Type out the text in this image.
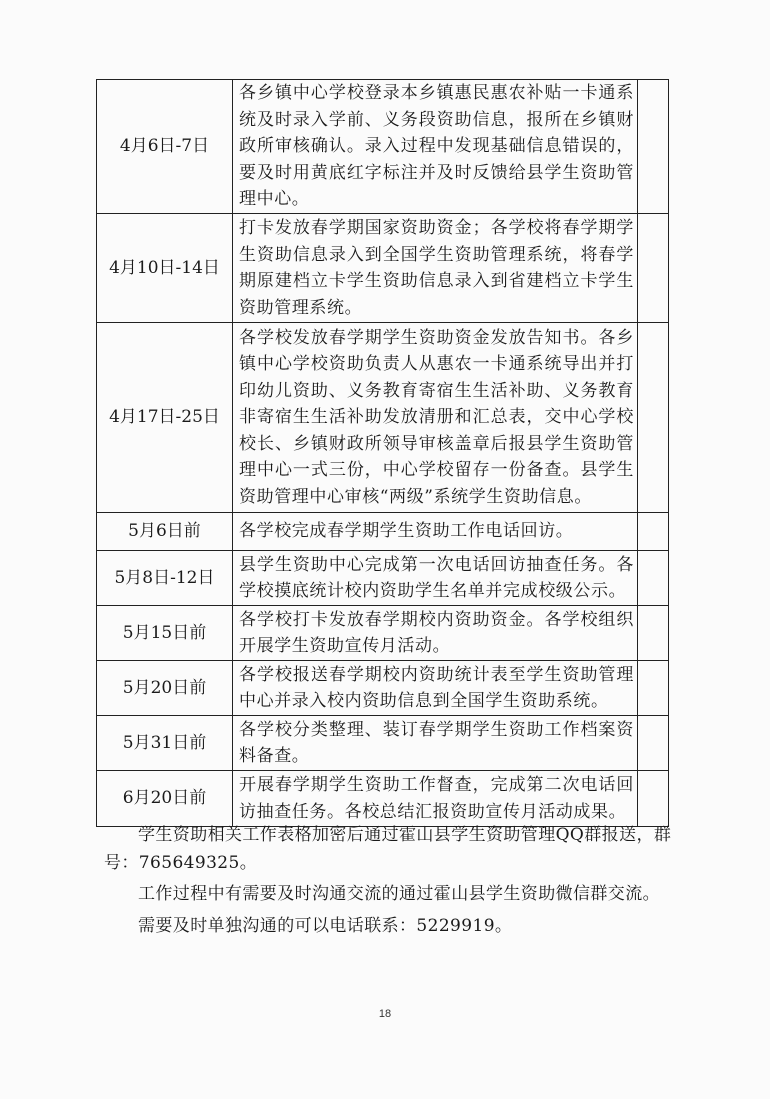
4月6日-7日	各乡镇中心学校登录本乡镇惠民惠农补贴一卡通系统及时录入学前、义务段资助信息，报所在乡镇财政所审核确认。录入过程中发现基础信息错误的，要及时用黄底红字标注并及时反馈给县学生资助管理中心。	
4月10日-14日	打卡发放春学期国家资助资金；各学校将春学期学生资助信息录入到全国学生资助管理系统，将春学期原建档立卡学生资助信息录入到省建档立卡学生资助管理系统。	
4月17日-25日	各学校发放春学期学生资助资金发放告知书。各乡镇中心学校资助负责人从惠农一卡通系统导出并打印幼儿资助、义务教育寄宿生生活补助、义务教育非寄宿生生活补助发放清册和汇总表，交中心学校校长、乡镇财政所领导审核盖章后报县学生资助管理中心一式三份，中心学校留存一份备查。县学生资助管理中心审核“两级”系统学生资助信息。	
5月6日前	各学校完成春学期学生资助工作电话回访。	
5月8日-12日	县学生资助中心完成第一次电话回访抽查任务。各学校摸底统计校内资助学生名单并完成校级公示。	
5月15日前	各学校打卡发放春学期校内资助资金。各学校组织开展学生资助宣传月活动。	
5月20日前	各学校报送春学期校内资助统计表至学生资助管理中心并录入校内资助信息到全国学生资助系统。	
5月31日前	各学校分类整理、装订春学期学生资助工作档案资料备查。	
6月20日前	开展春学期学生资助工作督查，完成第二次电话回访抽查任务。各校总结汇报资助宣传月活动成果。	

学生资助相关工作表格加密后通过霍山县学生资助管理QQ群报送，群号：765649325。

工作过程中有需要及时沟通交流的通过霍山县学生资助微信群交流。

需要及时单独沟通的可以电话联系：5229919。

18
